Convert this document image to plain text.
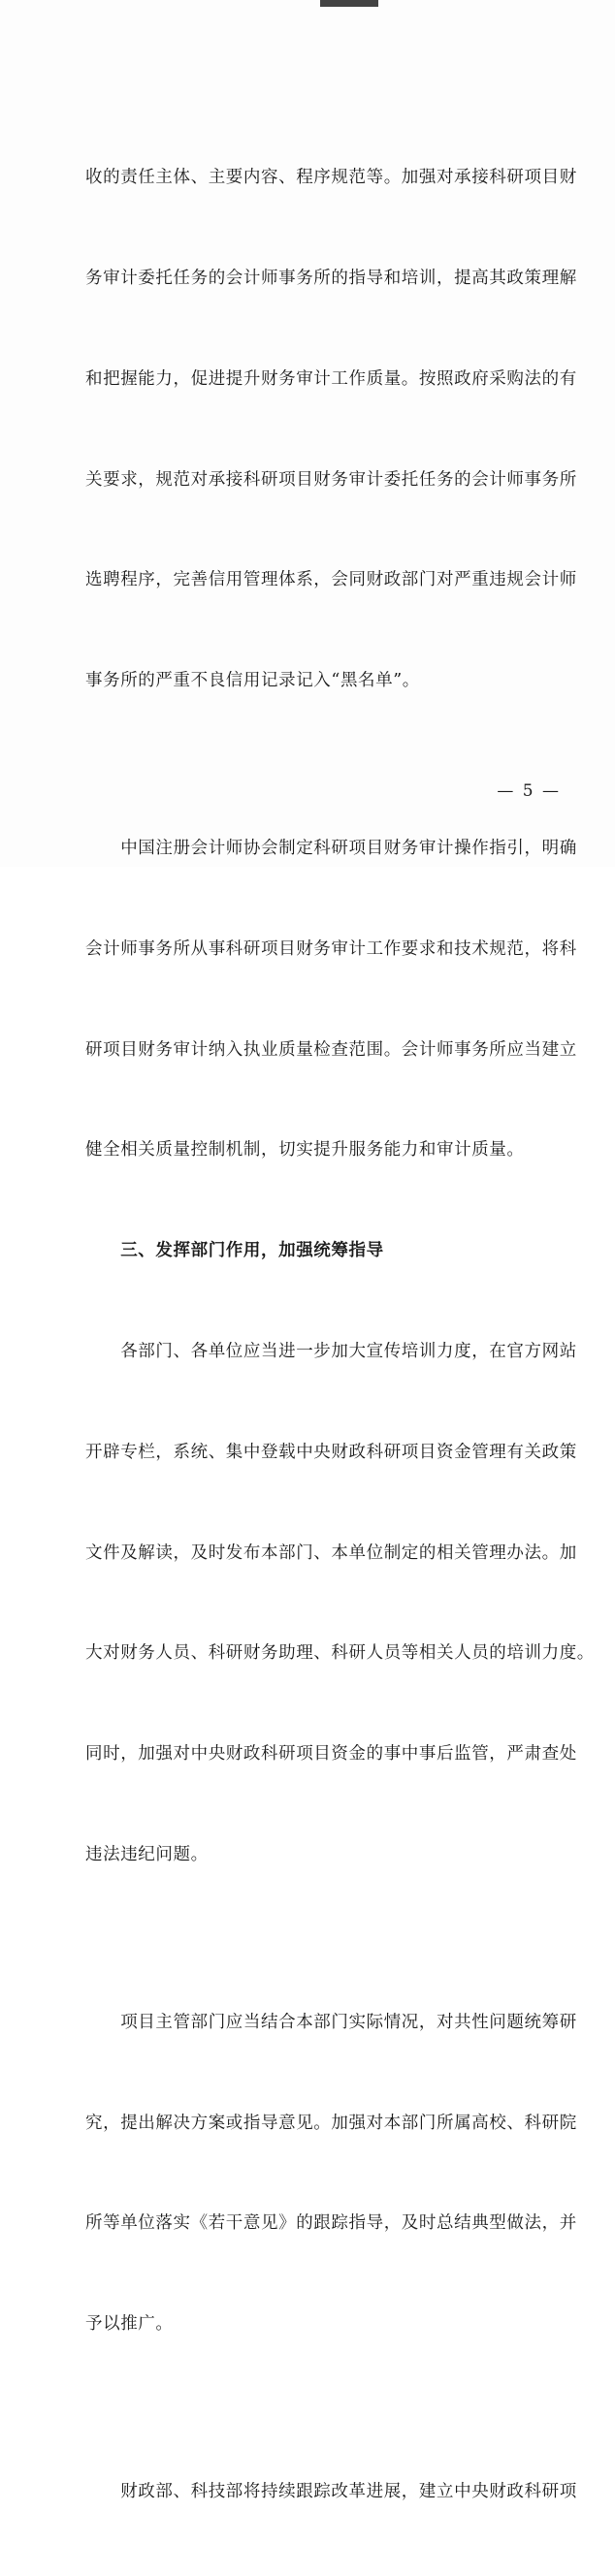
收的责任主体、主要内容、程序规范等。加强对承接科研项目财

务审计委托任务的会计师事务所的指导和培训，提高其政策理解

和把握能力，促进提升财务审计工作质量。按照政府采购法的有

关要求，规范对承接科研项目财务审计委托任务的会计师事务所

选聘程序，完善信用管理体系，会同财政部门对严重违规会计师

事务所的严重不良信用记录记入“黑名单”。

　　中国注册会计师协会制定科研项目财务审计操作指引，明确

会计师事务所从事科研项目财务审计工作要求和技术规范，将科

研项目财务审计纳入执业质量检查范围。会计师事务所应当建立

健全相关质量控制机制，切实提升服务能力和审计质量。

　　三、发挥部门作用，加强统筹指导

　　各部门、各单位应当进一步加大宣传培训力度，在官方网站

开辟专栏，系统、集中登载中央财政科研项目资金管理有关政策

文件及解读，及时发布本部门、本单位制定的相关管理办法。加

大对财务人员、科研财务助理、科研人员等相关人员的培训力度。

同时，加强对中央财政科研项目资金的事中事后监管，严肃查处

违法违纪问题。

　　项目主管部门应当结合本部门实际情况，对共性问题统筹研

究，提出解决方案或指导意见。加强对本部门所属高校、科研院

所等单位落实《若干意见》的跟踪指导，及时总结典型做法，并

予以推广。

　　财政部、科技部将持续跟踪改革进展，建立中央财政科研项

— 5 —
